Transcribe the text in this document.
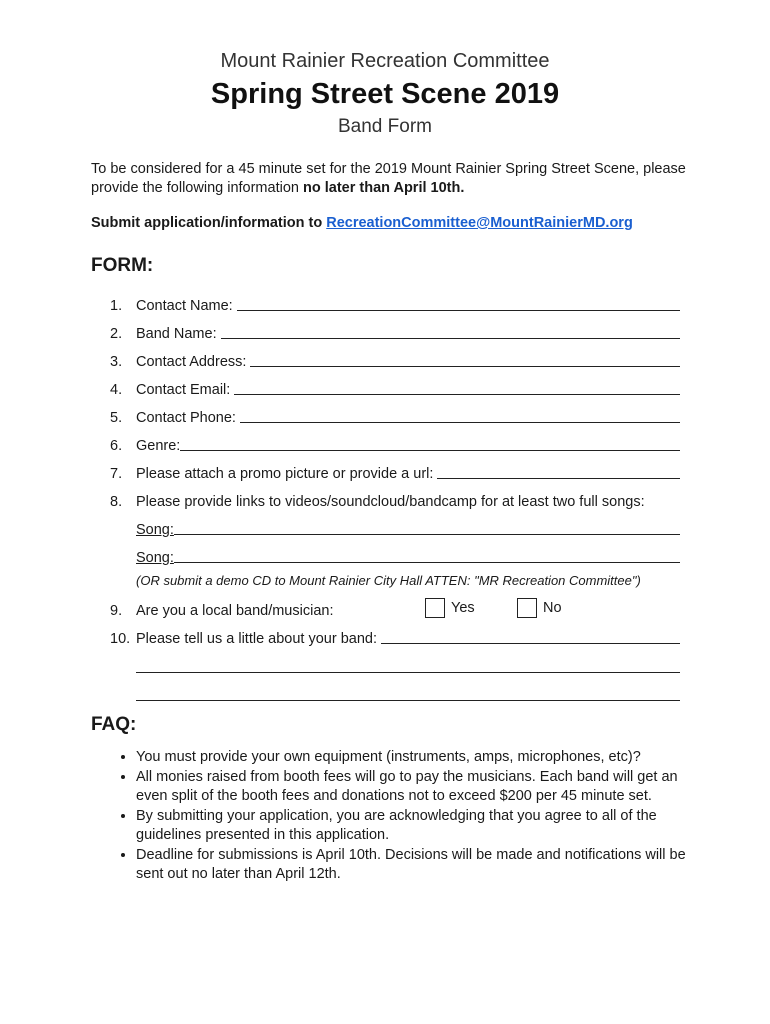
Mount Rainier Recreation Committee
Spring Street Scene 2019
Band Form
To be considered for a 45 minute set for the 2019 Mount Rainier Spring Street Scene, please provide the following information no later than April 10th.
Submit application/information to RecreationCommittee@MountRainierMD.org
FORM:
1. Contact Name:
2. Band Name:
3. Contact Address:
4. Contact Email:
5. Contact Phone:
6. Genre:
7. Please attach a promo picture or provide a url:
8. Please provide links to videos/soundcloud/bandcamp for at least two full songs:
Song:
Song:
(OR submit a demo CD to Mount Rainier City Hall ATTEN: "MR Recreation Committee")
9. Are you a local band/musician:	Yes	No
10. Please tell us a little about your band:
FAQ:
• You must provide your own equipment (instruments, amps, microphones, etc)?
• All monies raised from booth fees will go to pay the musicians. Each band will get an even split of the booth fees and donations not to exceed $200 per 45 minute set.
• By submitting your application, you are acknowledging that you agree to all of the guidelines presented in this application.
• Deadline for submissions is April 10th. Decisions will be made and notifications will be sent out no later than April 12th.
